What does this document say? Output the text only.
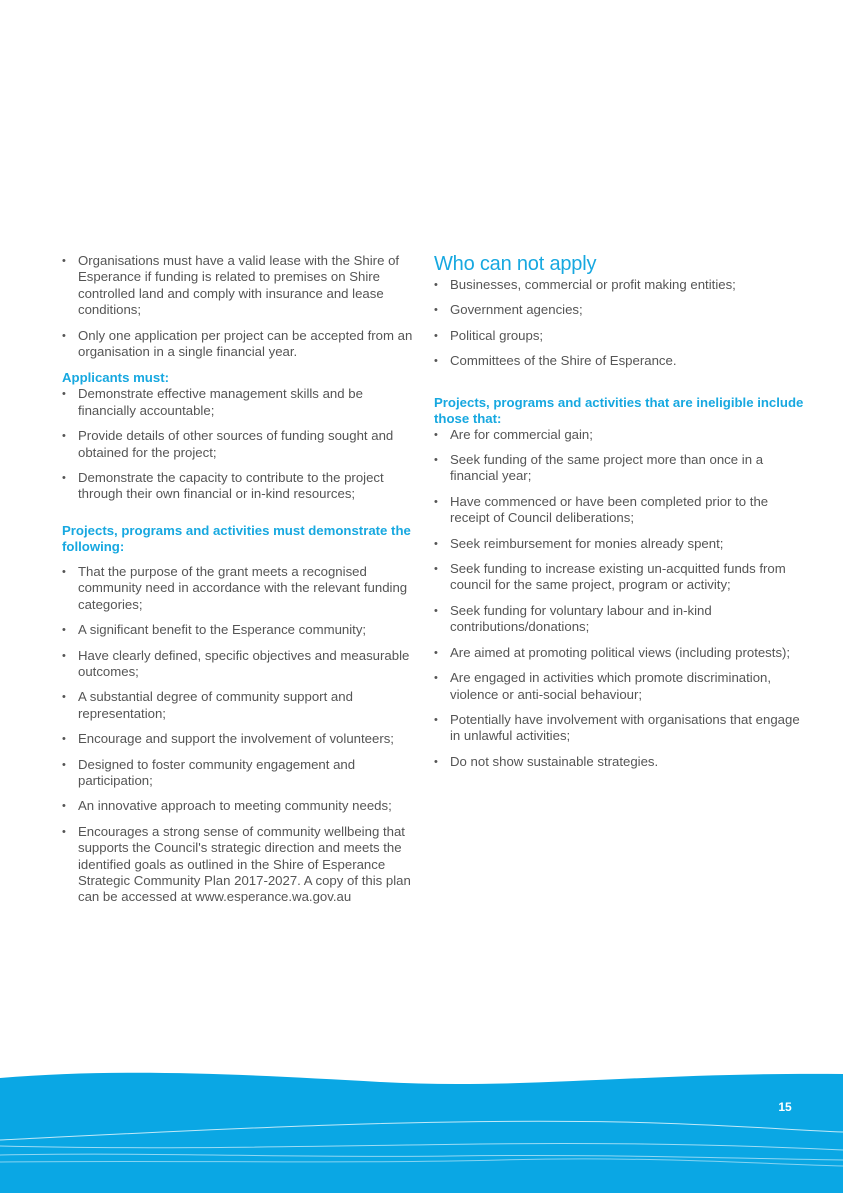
• Organisations must have a valid lease with the Shire of Esperance if funding is related to premises on Shire controlled land and comply with insurance and lease conditions;
• Only one application per project can be accepted from an organisation in a single financial year.

Applicants must:

• Demonstrate effective management skills and be financially accountable;
• Provide details of other sources of funding sought and obtained for the project;
• Demonstrate the capacity to contribute to the project through their own financial or in-kind resources;

Projects, programs and activities must demonstrate the following:

• That the purpose of the grant meets a recognised community need in accordance with the relevant funding categories;
• A significant benefit to the Esperance community;
• Have clearly defined, specific objectives and measurable outcomes;
• A substantial degree of community support and representation;
• Encourage and support the involvement of volunteers;
• Designed to foster community engagement and participation;
• An innovative approach to meeting community needs;
• Encourages a strong sense of community wellbeing that supports the Council's strategic direction and meets the identified goals as outlined in the Shire of Esperance Strategic Community Plan 2017-2027. A copy of this plan can be accessed at www.esperance.wa.gov.au
Who can not apply
• Businesses, commercial or profit making entities;
• Government agencies;
• Political groups;
• Committees of the Shire of Esperance.

Projects, programs and activities that are ineligible include those that:

• Are for commercial gain;
• Seek funding of the same project more than once in a financial year;
• Have commenced or have been completed prior to the receipt of Council deliberations;
• Seek reimbursement for monies already spent;
• Seek funding to increase existing un-acquitted funds from council for the same project, program or activity;
• Seek funding for voluntary labour and in-kind contributions/donations;
• Are aimed at promoting political views (including protests);
• Are engaged in activities which promote discrimination, violence or anti-social behaviour;
• Potentially have involvement with organisations that engage in unlawful activities;
• Do not show sustainable strategies.
15
